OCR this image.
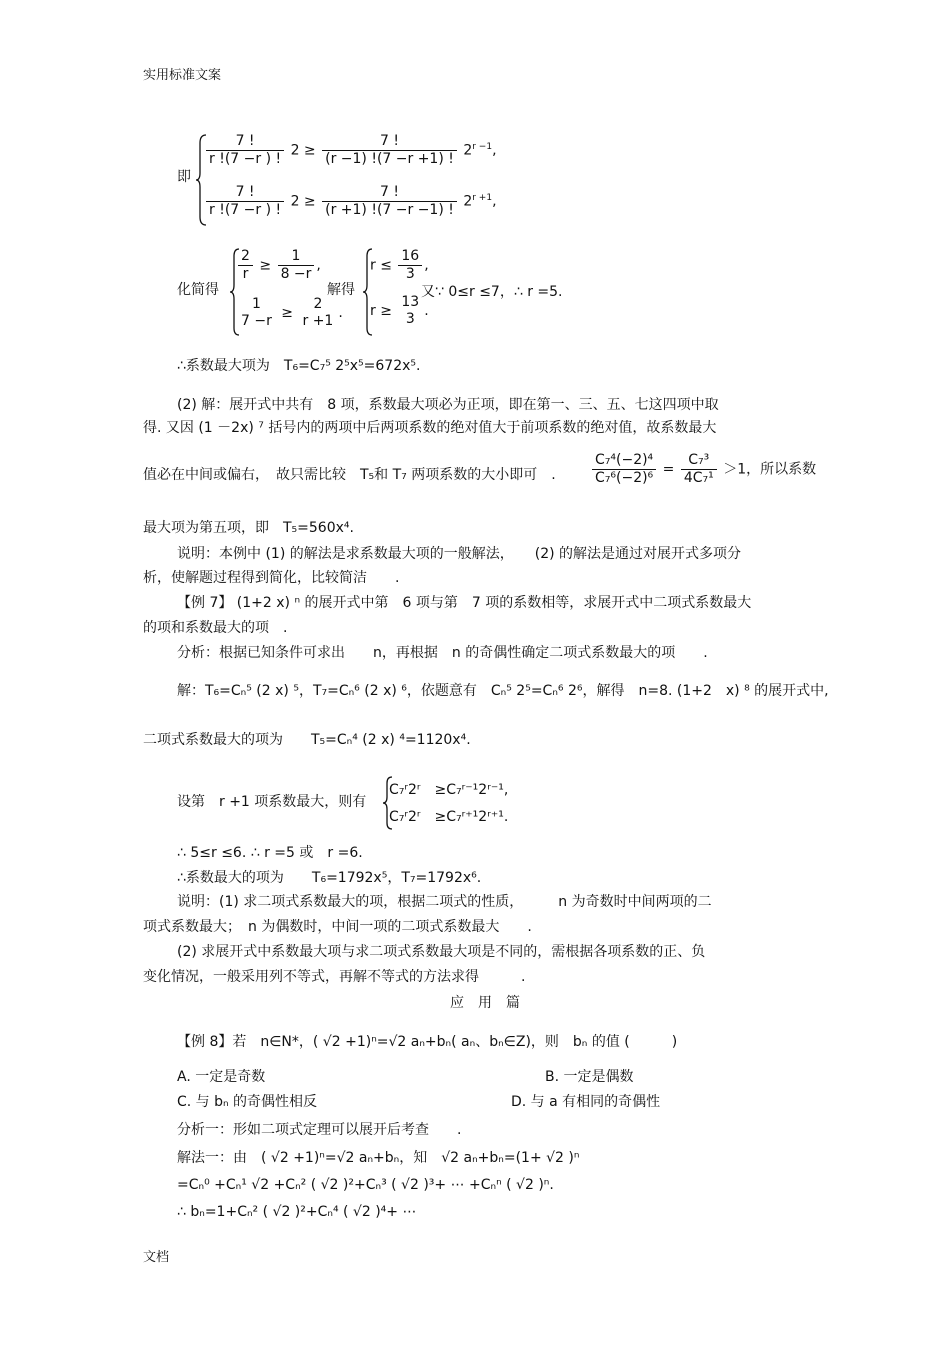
实用标准文案
即
$\frac{7 !}{r !(7 -r ) !} 2 \ge \frac{7 !}{(r -1) !(7 -r +1) !} 2^{r -1}$,
$\frac{7 !}{r !(7 -r ) !} 2 \ge \frac{7 !}{(r +1) !(7 -r -1) !} 2^{r +1}$,
化简得
$\frac{2}{r} \ge \frac{1}{8 -r}$ ,
1
7 −r ≥
2
r +1 .
解得
$r \le \frac{16}{3}$ ,
r ≥
13
3 .
又∵ 0≤r ≤7，∴ r =5.
∴系数最大项为　T₆=C₇⁵ 2⁵x⁵=672x⁵.
(2) 解：展开式中共有　8 项，系数最大项必为正项，即在第一、三、五、七这四项中取
得. 又因 (1 －2x) ⁷ 括号内的两项中后两项系数的绝对值大于前项系数的绝对值，故系数最大
值必在中间或偏右，　故只需比较　T₅和 T₇ 两项系数的大小即可　.	$\frac{\text{C₇⁴(−2)⁴}}{\text{C₇⁶(−2)⁶}} = \frac{\text{C₇³}}{\text{4C₇¹}} >1$，所以系数
最大项为第五项，即　T₅=560x⁴.
说明：本例中 (1) 的解法是求系数最大项的一般解法，　　(2) 的解法是通过对展开式多项分
析，使解题过程得到简化，比较简洁　　.
【例 7】 (1+2 x) ⁿ 的展开式中第　6 项与第　7 项的系数相等，求展开式中二项式系数最大
的项和系数最大的项　.
分析：根据已知条件可求出　　n，再根据　n 的奇偶性确定二项式系数最大的项　　.
解：T₆=Cₙ⁵ (2 x) ⁵，T₇=Cₙ⁶ (2 x) ⁶，依题意有　Cₙ⁵ 2⁵=Cₙ⁶ 2⁶，解得　n=8. (1+2　x) ⁸ 的展开式中,
二项式系数最大的项为　　T₅=Cₙ⁴ (2 x) ⁴=1120x⁴.
设第　r +1 项系数最大，则有
C₇ʳ2ʳ　≥C₇ʳ⁻¹2ʳ⁻¹,
C₇ʳ2ʳ　≥C₇ʳ⁺¹2ʳ⁺¹.
∴ 5≤r ≤6. ∴ r =5 或　r =6.
∴系数最大的项为　　T₆=1792x⁵，T₇=1792x⁶.
说明：(1) 求二项式系数最大的项，根据二项式的性质，　　　n 为奇数时中间两项的二
项式系数最大；　n 为偶数时，中间一项的二项式系数最大　　.
(2) 求展开式中系数最大项与求二项式系数最大项是不同的，需根据各项系数的正、负
变化情况，一般采用列不等式，再解不等式的方法求得　　　.
应　用　篇
【例 8】若　n∈N*，( √2 +1)ⁿ=√2 aₙ+bₙ( aₙ、bₙ∈Z)，则　bₙ 的值 (　　　)
A. 一定是奇数	B. 一定是偶数
C. 与 bₙ 的奇偶性相反	D. 与 a 有相同的奇偶性
分析一：形如二项式定理可以展开后考查　　.
解法一：由　( √2 +1)ⁿ=√2 aₙ+bₙ，知　√2 aₙ+bₙ=(1+ √2 )ⁿ
=Cₙ⁰ +Cₙ¹ √2 +Cₙ² ( √2 )²+Cₙ³ ( √2 )³+ ⋯ +Cₙⁿ ( √2 )ⁿ.
∴ bₙ=1+Cₙ² ( √2 )²+Cₙ⁴ ( √2 )⁴+ ⋯
文档
